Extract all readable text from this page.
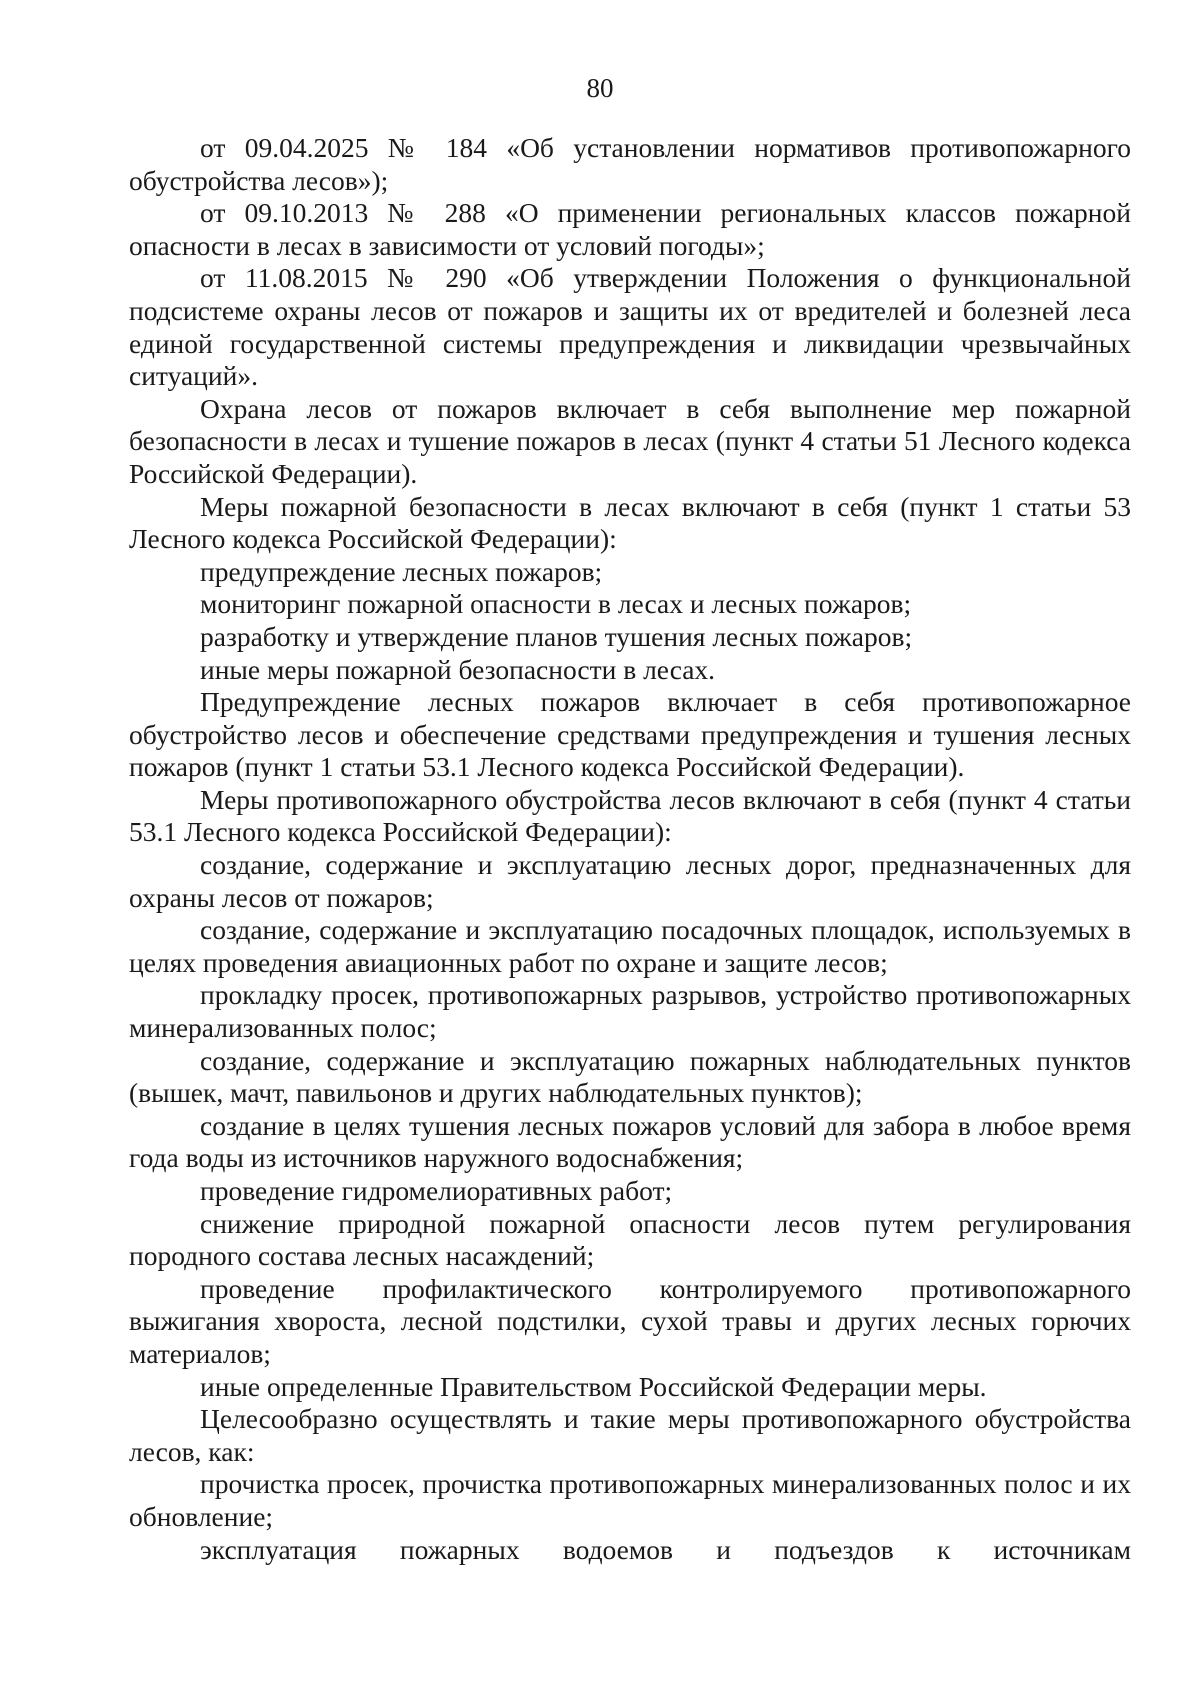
80

от 09.04.2025 № 184 «Об установлении нормативов противопожарного обустройства лесов»);

от 09.10.2013 № 288 «О применении региональных классов пожарной опасности в лесах в зависимости от условий погоды»;

от 11.08.2015 № 290 «Об утверждении Положения о функциональной подсистеме охраны лесов от пожаров и защиты их от вредителей и болезней леса единой государственной системы предупреждения и ликвидации чрезвычайных ситуаций».

Охрана лесов от пожаров включает в себя выполнение мер пожарной безопасности в лесах и тушение пожаров в лесах (пункт 4 статьи 51 Лесного кодекса Российской Федерации).

Меры пожарной безопасности в лесах включают в себя (пункт 1 статьи 53 Лесного кодекса Российской Федерации):

предупреждение лесных пожаров;

мониторинг пожарной опасности в лесах и лесных пожаров;

разработку и утверждение планов тушения лесных пожаров;

иные меры пожарной безопасности в лесах.

Предупреждение лесных пожаров включает в себя противопожарное обустройство лесов и обеспечение средствами предупреждения и тушения лесных пожаров (пункт 1 статьи 53.1 Лесного кодекса Российской Федерации).

Меры противопожарного обустройства лесов включают в себя (пункт 4 статьи 53.1 Лесного кодекса Российской Федерации):

создание, содержание и эксплуатацию лесных дорог, предназначенных для охраны лесов от пожаров;

создание, содержание и эксплуатацию посадочных площадок, используемых в целях проведения авиационных работ по охране и защите лесов;

прокладку просек, противопожарных разрывов, устройство противопожарных минерализованных полос;

создание, содержание и эксплуатацию пожарных наблюдательных пунктов (вышек, мачт, павильонов и других наблюдательных пунктов);

создание в целях тушения лесных пожаров условий для забора в любое время года воды из источников наружного водоснабжения;

проведение гидромелиоративных работ;

снижение природной пожарной опасности лесов путем регулирования породного состава лесных насаждений;

проведение профилактического контролируемого противопожарного выжигания хвороста, лесной подстилки, сухой травы и других лесных горючих материалов;

иные определенные Правительством Российской Федерации меры.

Целесообразно осуществлять и такие меры противопожарного обустройства лесов, как:

прочистка просек, прочистка противопожарных минерализованных полос и их обновление;

эксплуатация пожарных водоемов и подъездов к источникам
